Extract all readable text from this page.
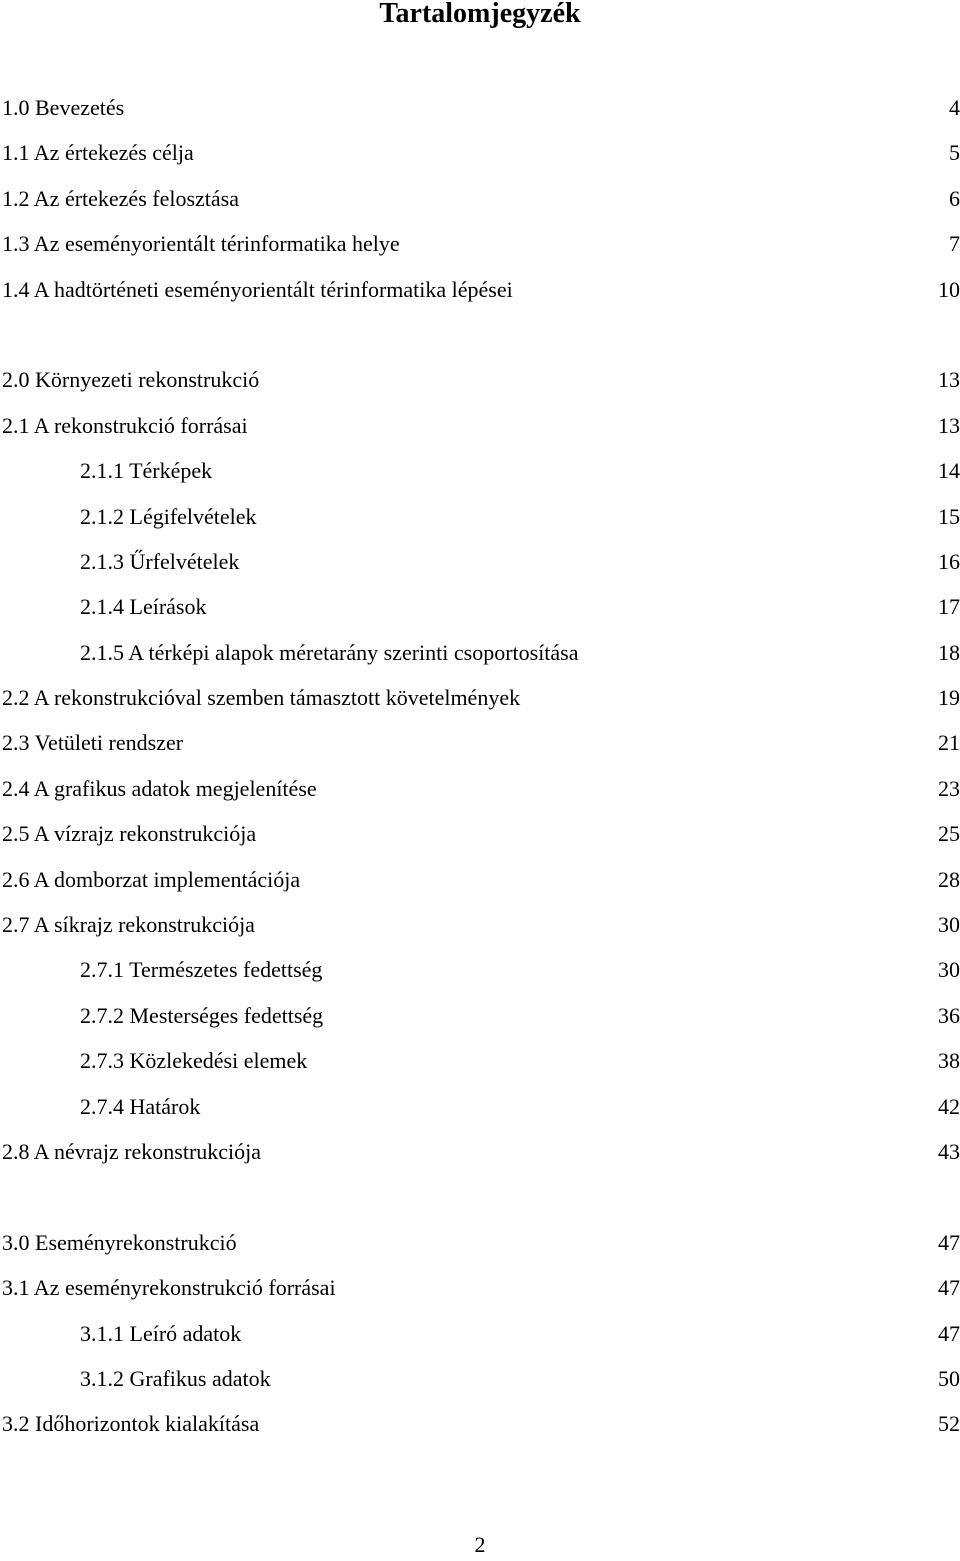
Tartalomjegyzék
1.0 Bevezetés	4
1.1 Az értekezés célja	5
1.2 Az értekezés felosztása	6
1.3 Az eseményorientált térinformatika helye	7
1.4 A hadtörténeti eseményorientált térinformatika lépései	10
2.0 Környezeti rekonstrukció	13
2.1 A rekonstrukció forrásai	13
2.1.1 Térképek	14
2.1.2 Légifelvételek	15
2.1.3 Űrfelvételek	16
2.1.4 Leírások	17
2.1.5 A térképi alapok méretarány szerinti csoportosítása	18
2.2 A rekonstrukcióval szemben támasztott követelmények	19
2.3 Vetületi rendszer	21
2.4 A grafikus adatok megjelenítése	23
2.5 A vízrajz rekonstrukciója	25
2.6 A domborzat implementációja	28
2.7 A síkrajz rekonstrukciója	30
2.7.1 Természetes fedettség	30
2.7.2 Mesterséges fedettség	36
2.7.3 Közlekedési elemek	38
2.7.4 Határok	42
2.8 A névrajz rekonstrukciója	43
3.0 Eseményrekonstrukció	47
3.1 Az eseményrekonstrukció forrásai	47
3.1.1 Leíró adatok	47
3.1.2 Grafikus adatok	50
3.2 Időhorizontok kialakítása	52
2
